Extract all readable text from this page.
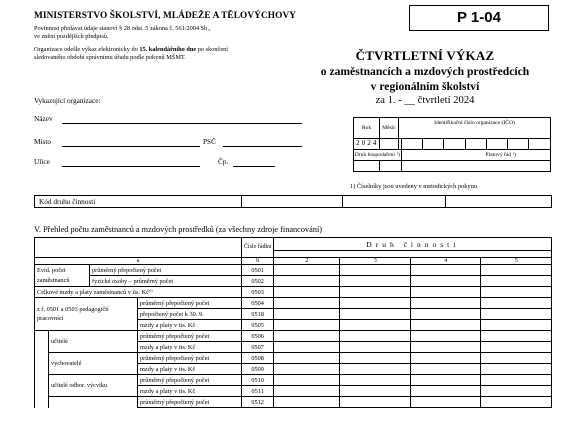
MINISTERSTVO ŠKOLSTVÍ, MLÁDEŽE A TĚLOVÝCHOVY
Povinnost předávat údaje stanoví § 28 odst. 5 zákona č. 561/2004 Sb.,
ve znění pozdějších předpisů.
Organizace odešle výkaz elektronicky do 15. kalendářního dne po skončení
sledovaného období správnímu úřadu podle pokynů MŠMT.
P 1-04
ČTVRTLETNÍ VÝKAZ
o zaměstnancích a mzdových prostředcích
v regionálním školství
za 1. - __ čtvrtletí 2024
Vykazující organizace:
Název
Místo	PSČ
Ulice	Čp.
Rok	Měsíc	Identifikační číslo organizace (IČO)							
2024									
Druh hospodaření ¹)			Platový řád ¹)						

1) Číselníky jsou uvedeny v metodických pokynu
Kód druhu činnosti
V. Přehled počtu zaměstnanců a mzdových prostředků (za všechny zdroje financování)
				Číslo řádku	Druh činnosti			

a				b	2	3	4	5
Evid. počet zaměstnanců		průměrný přepočtený počet		0501				
		fyzické osoby – průměrný počet		0502				
Celkové mzdy a platy zaměstnanců v tis. Kč⁷⁾				0503				
z ř. 0501 a 0503 pedagogičtí pracovníci			průměrný přepočtený počet	0504				
			přepočtený počet k 30. 9.	0518				
			mzdy a platy v tis. Kč	0505				
	učitelé		průměrný přepočtený počet	0506				
			mzdy a platy v tis. Kč	0507				
	vychovatelé		průměrný přepočtený počet	0508				
			mzdy a platy v tis. Kč	0509				
	učitelé odbor. výcviku		průměrný přepočtený počet	0510				
			mzdy a platy v tis. Kč	0511				
			průměrný přepočtený počet	0512				
